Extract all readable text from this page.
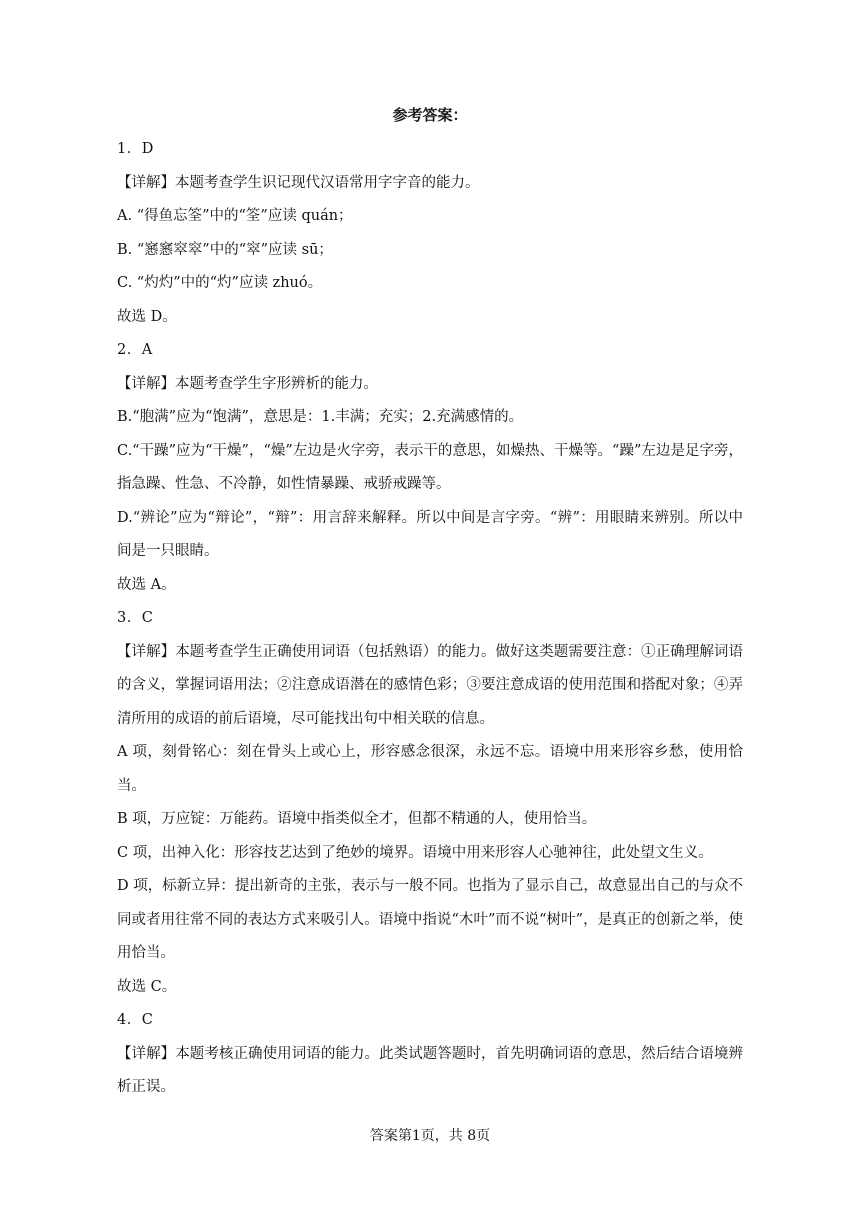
参考答案：

1．D

【详解】本题考查学生识记现代汉语常用字字音的能力。

A. “得鱼忘筌”中的“筌”应读 quán；

B. “窸窸窣窣”中的“窣”应读 sū；

C. “灼灼”中的“灼”应读 zhuó。

故选 D。

2．A

【详解】本题考查学生字形辨析的能力。

B.“胞满”应为“饱满”，意思是：1.丰满；充实；2.充满感情的。

C.“干躁”应为“干燥”，“燥”左边是火字旁，表示干的意思，如燥热、干燥等。“躁”左边是足字旁，指急躁、性急、不冷静，如性情暴躁、戒骄戒躁等。

D.“辨论”应为“辩论”，“辩”：用言辞来解释。所以中间是言字旁。“辨”：用眼睛来辨别。所以中间是一只眼睛。

故选 A。

3．C

【详解】本题考查学生正确使用词语（包括熟语）的能力。做好这类题需要注意：①正确理解词语的含义，掌握词语用法；②注意成语潜在的感情色彩；③要注意成语的使用范围和搭配对象；④弄清所用的成语的前后语境，尽可能找出句中相关联的信息。

A 项，刻骨铭心：刻在骨头上或心上，形容感念很深，永远不忘。语境中用来形容乡愁，使用恰当。

B 项，万应锭：万能药。语境中指类似全才，但都不精通的人，使用恰当。

C 项，出神入化：形容技艺达到了绝妙的境界。语境中用来形容人心驰神往，此处望文生义。

D 项，标新立异：提出新奇的主张，表示与一般不同。也指为了显示自己，故意显出自己的与众不同或者用往常不同的表达方式来吸引人。语境中指说“木叶”而不说“树叶”，是真正的创新之举，使用恰当。

故选 C。

4．C

【详解】本题考核正确使用词语的能力。此类试题答题时，首先明确词语的意思，然后结合语境辨析正误。

答案第1页，共 8页
